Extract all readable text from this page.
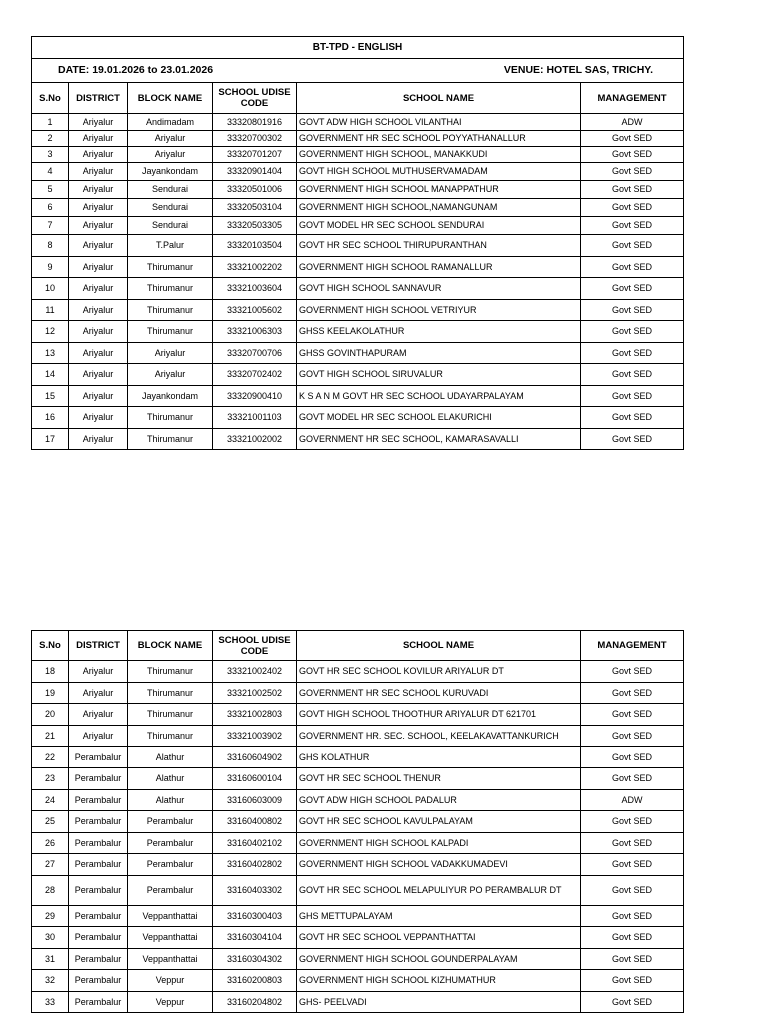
BT-TPD - ENGLISH					

DATE: 19.01.2026 to 23.01.2026 VENUE: HOTEL SAS, TRICHY.					

S.No	DISTRICT	BLOCK NAME	SCHOOL UDISE CODE	SCHOOL NAME	MANAGEMENT
1	Ariyalur	Andimadam	33320801916	GOVT ADW HIGH SCHOOL VILANTHAI	ADW
2	Ariyalur	Ariyalur	33320700302	GOVERNMENT HR SEC SCHOOL POYYATHANALLUR	Govt SED
3	Ariyalur	Ariyalur	33320701207	GOVERNMENT HIGH SCHOOL, MANAKKUDI	Govt SED
4	Ariyalur	Jayankondam	33320901404	GOVT HIGH SCHOOL MUTHUSERVAMADAM	Govt SED
5	Ariyalur	Sendurai	33320501006	GOVERNMENT HIGH SCHOOL MANAPPATHUR	Govt SED
6	Ariyalur	Sendurai	33320503104	GOVERNMENT HIGH SCHOOL,NAMANGUNAM	Govt SED
7	Ariyalur	Sendurai	33320503305	GOVT MODEL HR SEC SCHOOL SENDURAI	Govt SED
8	Ariyalur	T.Palur	33320103504	GOVT HR SEC SCHOOL THIRUPURANTHAN	Govt SED
9	Ariyalur	Thirumanur	33321002202	GOVERNMENT HIGH SCHOOL RAMANALLUR	Govt SED
10	Ariyalur	Thirumanur	33321003604	GOVT HIGH SCHOOL SANNAVUR	Govt SED
11	Ariyalur	Thirumanur	33321005602	GOVERNMENT HIGH SCHOOL VETRIYUR	Govt SED
12	Ariyalur	Thirumanur	33321006303	GHSS KEELAKOLATHUR	Govt SED
13	Ariyalur	Ariyalur	33320700706	GHSS GOVINTHAPURAM	Govt SED
14	Ariyalur	Ariyalur	33320702402	GOVT HIGH SCHOOL SIRUVALUR	Govt SED
15	Ariyalur	Jayankondam	33320900410	K S A N M GOVT HR SEC SCHOOL UDAYARPALAYAM	Govt SED
16	Ariyalur	Thirumanur	33321001103	GOVT MODEL HR SEC SCHOOL ELAKURICHI	Govt SED
17	Ariyalur	Thirumanur	33321002002	GOVERNMENT HR SEC SCHOOL, KAMARASAVALLI	Govt SED
S.No	DISTRICT	BLOCK NAME	SCHOOL UDISE CODE	SCHOOL NAME	MANAGEMENT
18	Ariyalur	Thirumanur	33321002402	GOVT HR SEC SCHOOL KOVILUR ARIYALUR DT	Govt SED
19	Ariyalur	Thirumanur	33321002502	GOVERNMENT HR SEC SCHOOL KURUVADI	Govt SED
20	Ariyalur	Thirumanur	33321002803	GOVT HIGH SCHOOL THOOTHUR ARIYALUR DT 621701	Govt SED
21	Ariyalur	Thirumanur	33321003902	GOVERNMENT HR. SEC. SCHOOL, KEELAKAVATTANKURICH	Govt SED
22	Perambalur	Alathur	33160604902	GHS KOLATHUR	Govt SED
23	Perambalur	Alathur	33160600104	GOVT HR SEC SCHOOL THENUR	Govt SED
24	Perambalur	Alathur	33160603009	GOVT ADW HIGH SCHOOL PADALUR	ADW
25	Perambalur	Perambalur	33160400802	GOVT HR SEC SCHOOL KAVULPALAYAM	Govt SED
26	Perambalur	Perambalur	33160402102	GOVERNMENT HIGH SCHOOL KALPADI	Govt SED
27	Perambalur	Perambalur	33160402802	GOVERNMENT HIGH SCHOOL VADAKKUMADEVI	Govt SED
28	Perambalur	Perambalur	33160403302	GOVT HR SEC SCHOOL MELAPULIYUR PO PERAMBALUR DT	Govt SED
29	Perambalur	Veppanthattai	33160300403	GHS METTUPALAYAM	Govt SED
30	Perambalur	Veppanthattai	33160304104	GOVT HR SEC SCHOOL VEPPANTHATTAI	Govt SED
31	Perambalur	Veppanthattai	33160304302	GOVERNMENT HIGH SCHOOL GOUNDERPALAYAM	Govt SED
32	Perambalur	Veppur	33160200803	GOVERNMENT HIGH SCHOOL KIZHUMATHUR	Govt SED
33	Perambalur	Veppur	33160204802	GHS- PEELVADI	Govt SED
